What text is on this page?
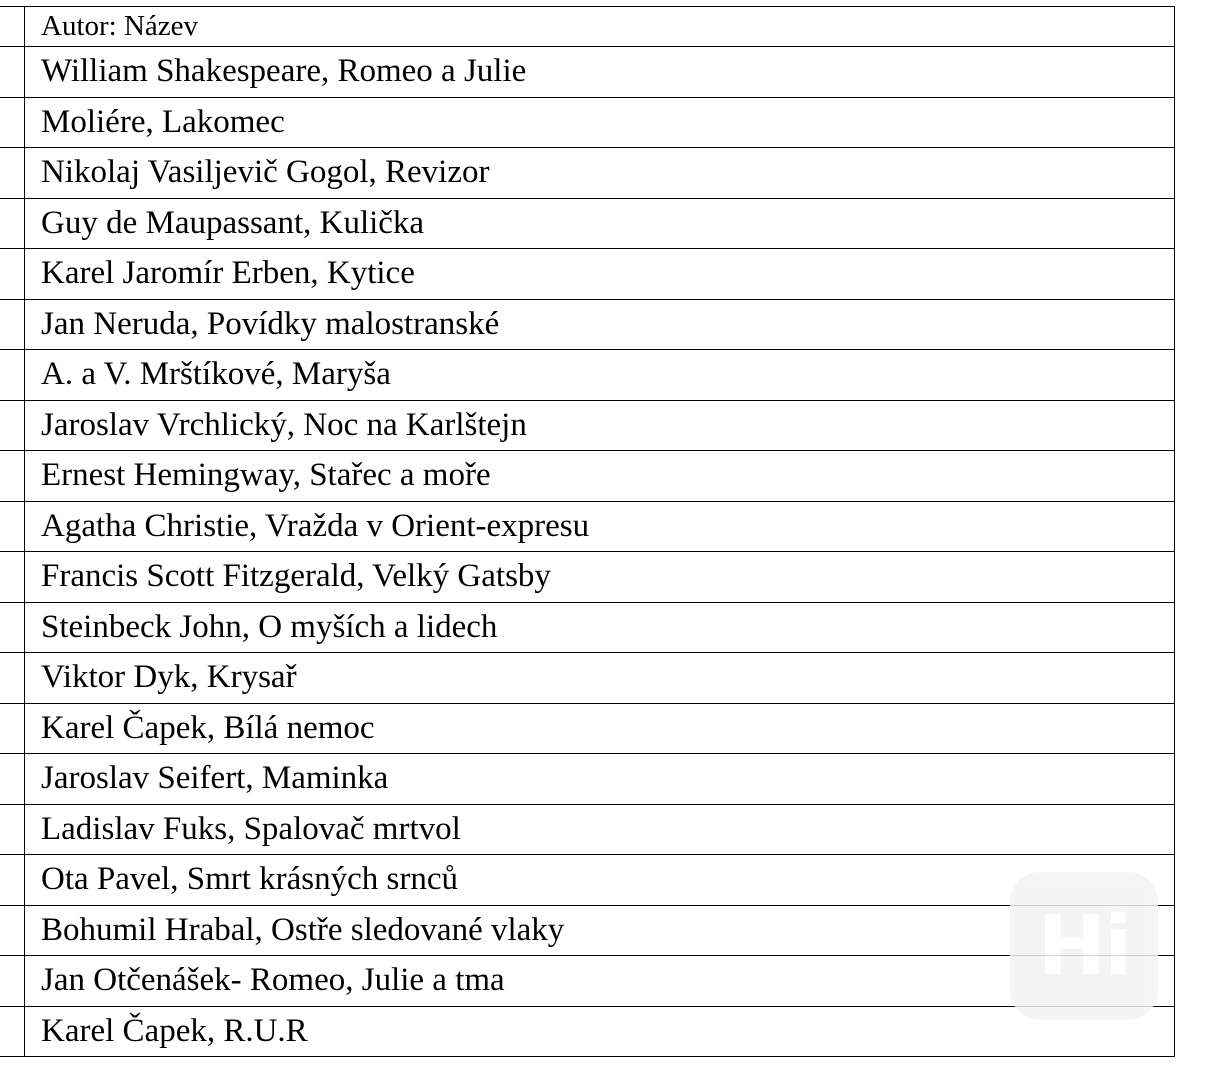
	Autor: Název
	William Shakespeare, Romeo a Julie
	Moliére, Lakomec
	Nikolaj Vasiljevič Gogol, Revizor
	Guy de Maupassant, Kulička
	Karel Jaromír Erben, Kytice
	Jan Neruda, Povídky malostranské
	A. a V. Mrštíkové, Maryša
	Jaroslav Vrchlický, Noc na Karlštejn
	Ernest Hemingway, Stařec a moře
	Agatha Christie, Vražda v Orient-expresu
	Francis Scott Fitzgerald, Velký Gatsby
	Steinbeck John, O myších a lidech
	Viktor Dyk, Krysař
	Karel Čapek, Bílá nemoc
	Jaroslav Seifert, Maminka
	Ladislav Fuks, Spalovač mrtvol
	Ota Pavel, Smrt krásných srnců
	Bohumil Hrabal, Ostře sledované vlaky
	Jan Otčenášek- Romeo, Julie a tma
	Karel Čapek, R.U.R
Hi
